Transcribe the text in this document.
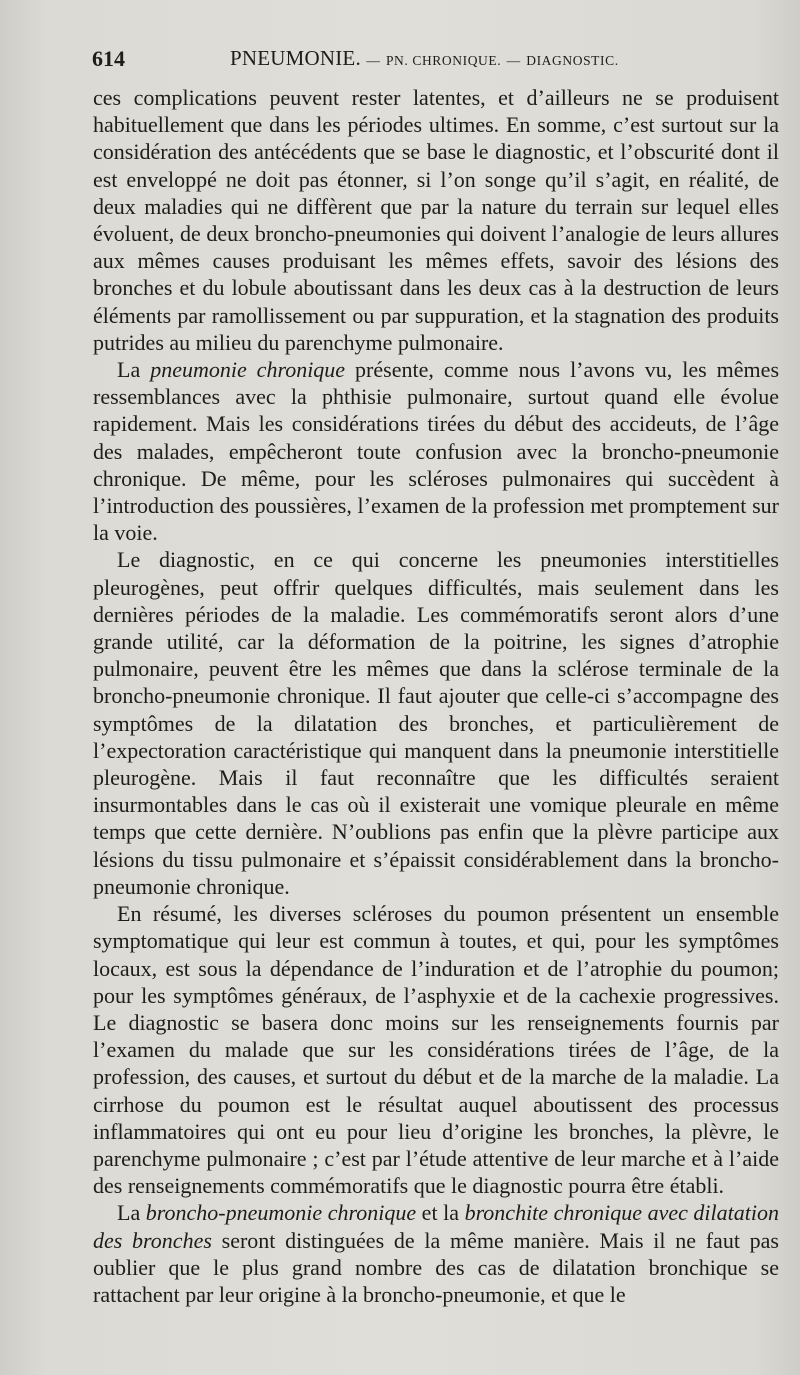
614	PNEUMONIE. — PN. CHRONIQUE. — DIAGNOSTIC.

ces complications peuvent rester latentes, et d’ailleurs ne se produisent habituellement que dans les périodes ultimes. En somme, c’est surtout sur la considération des antécédents que se base le diagnostic, et l’obscurité dont il est enveloppé ne doit pas étonner, si l’on songe qu’il s’agit, en réalité, de deux maladies qui ne diffèrent que par la nature du terrain sur lequel elles évoluent, de deux broncho-pneumonies qui doivent l’analogie de leurs allures aux mêmes causes produisant les mêmes effets, savoir des lésions des bronches et du lobule aboutissant dans les deux cas à la destruction de leurs éléments par ramollissement ou par suppuration, et la stagnation des produits putrides au milieu du parenchyme pulmonaire.

La pneumonie chronique présente, comme nous l’avons vu, les mêmes ressemblances avec la phthisie pulmonaire, surtout quand elle évolue rapidement. Mais les considérations tirées du début des accideuts, de l’âge des malades, empêcheront toute confusion avec la broncho-pneumonie chronique. De même, pour les scléroses pulmonaires qui succèdent à l’introduction des poussières, l’examen de la profession met promptement sur la voie.

Le diagnostic, en ce qui concerne les pneumonies interstitielles pleurogènes, peut offrir quelques difficultés, mais seulement dans les dernières périodes de la maladie. Les commémoratifs seront alors d’une grande utilité, car la déformation de la poitrine, les signes d’atrophie pulmonaire, peuvent être les mêmes que dans la sclérose terminale de la broncho-pneumonie chronique. Il faut ajouter que celle-ci s’accompagne des symptômes de la dilatation des bronches, et particulièrement de l’expectoration caractéristique qui manquent dans la pneumonie interstitielle pleurogène. Mais il faut reconnaître que les difficultés seraient insurmontables dans le cas où il existerait une vomique pleurale en même temps que cette dernière. N’oublions pas enfin que la plèvre participe aux lésions du tissu pulmonaire et s’épaissit considérablement dans la broncho-pneumonie chronique.

En résumé, les diverses scléroses du poumon présentent un ensemble symptomatique qui leur est commun à toutes, et qui, pour les symptômes locaux, est sous la dépendance de l’induration et de l’atrophie du poumon; pour les symptômes généraux, de l’asphyxie et de la cachexie progressives. Le diagnostic se basera donc moins sur les renseignements fournis par l’examen du malade que sur les considérations tirées de l’âge, de la profession, des causes, et surtout du début et de la marche de la maladie. La cirrhose du poumon est le résultat auquel aboutissent des processus inflammatoires qui ont eu pour lieu d’origine les bronches, la plèvre, le parenchyme pulmonaire ; c’est par l’étude attentive de leur marche et à l’aide des renseignements commémoratifs que le diagnostic pourra être établi.

La broncho-pneumonie chronique et la bronchite chronique avec dilatation des bronches seront distinguées de la même manière. Mais il ne faut pas oublier que le plus grand nombre des cas de dilatation bronchique se rattachent par leur origine à la broncho-pneumonie, et que le
